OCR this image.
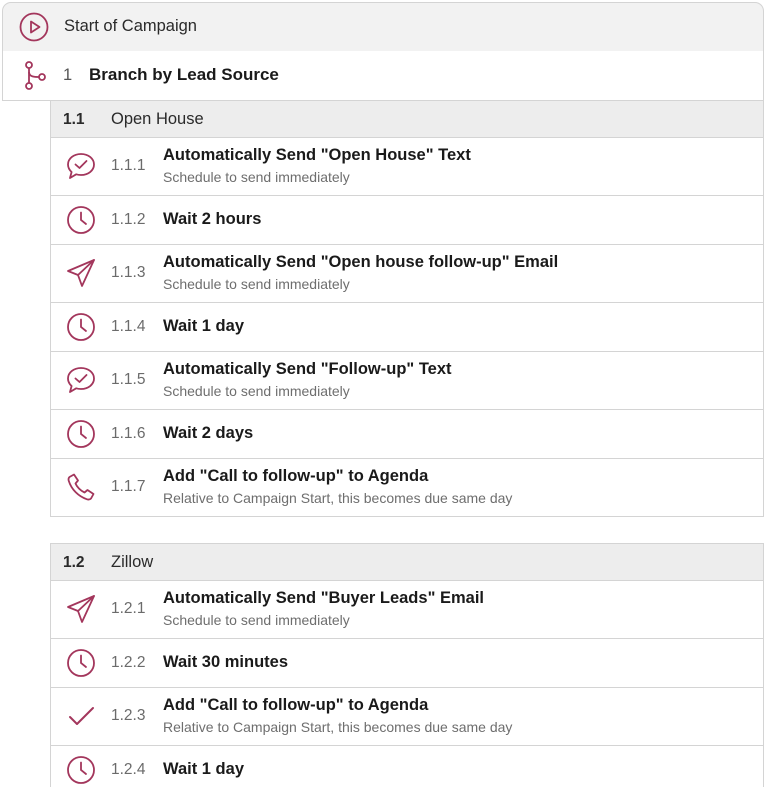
Start of Campaign
1 Branch by Lead Source
1.1 Open House
1.1.1
Automatically Send "Open House" Text
Schedule to send immediately
1.1.2 Wait 2 hours
1.1.3
Automatically Send "Open house follow-up" Email
Schedule to send immediately
1.1.4 Wait 1 day
1.1.5
Automatically Send "Follow-up" Text
Schedule to send immediately
1.1.6 Wait 2 days
1.1.7
Add "Call to follow-up" to Agenda
Relative to Campaign Start, this becomes due same day
1.2 Zillow
1.2.1
Automatically Send "Buyer Leads" Email
Schedule to send immediately
1.2.2 Wait 30 minutes
1.2.3
Add "Call to follow-up" to Agenda
Relative to Campaign Start, this becomes due same day
1.2.4 Wait 1 day
